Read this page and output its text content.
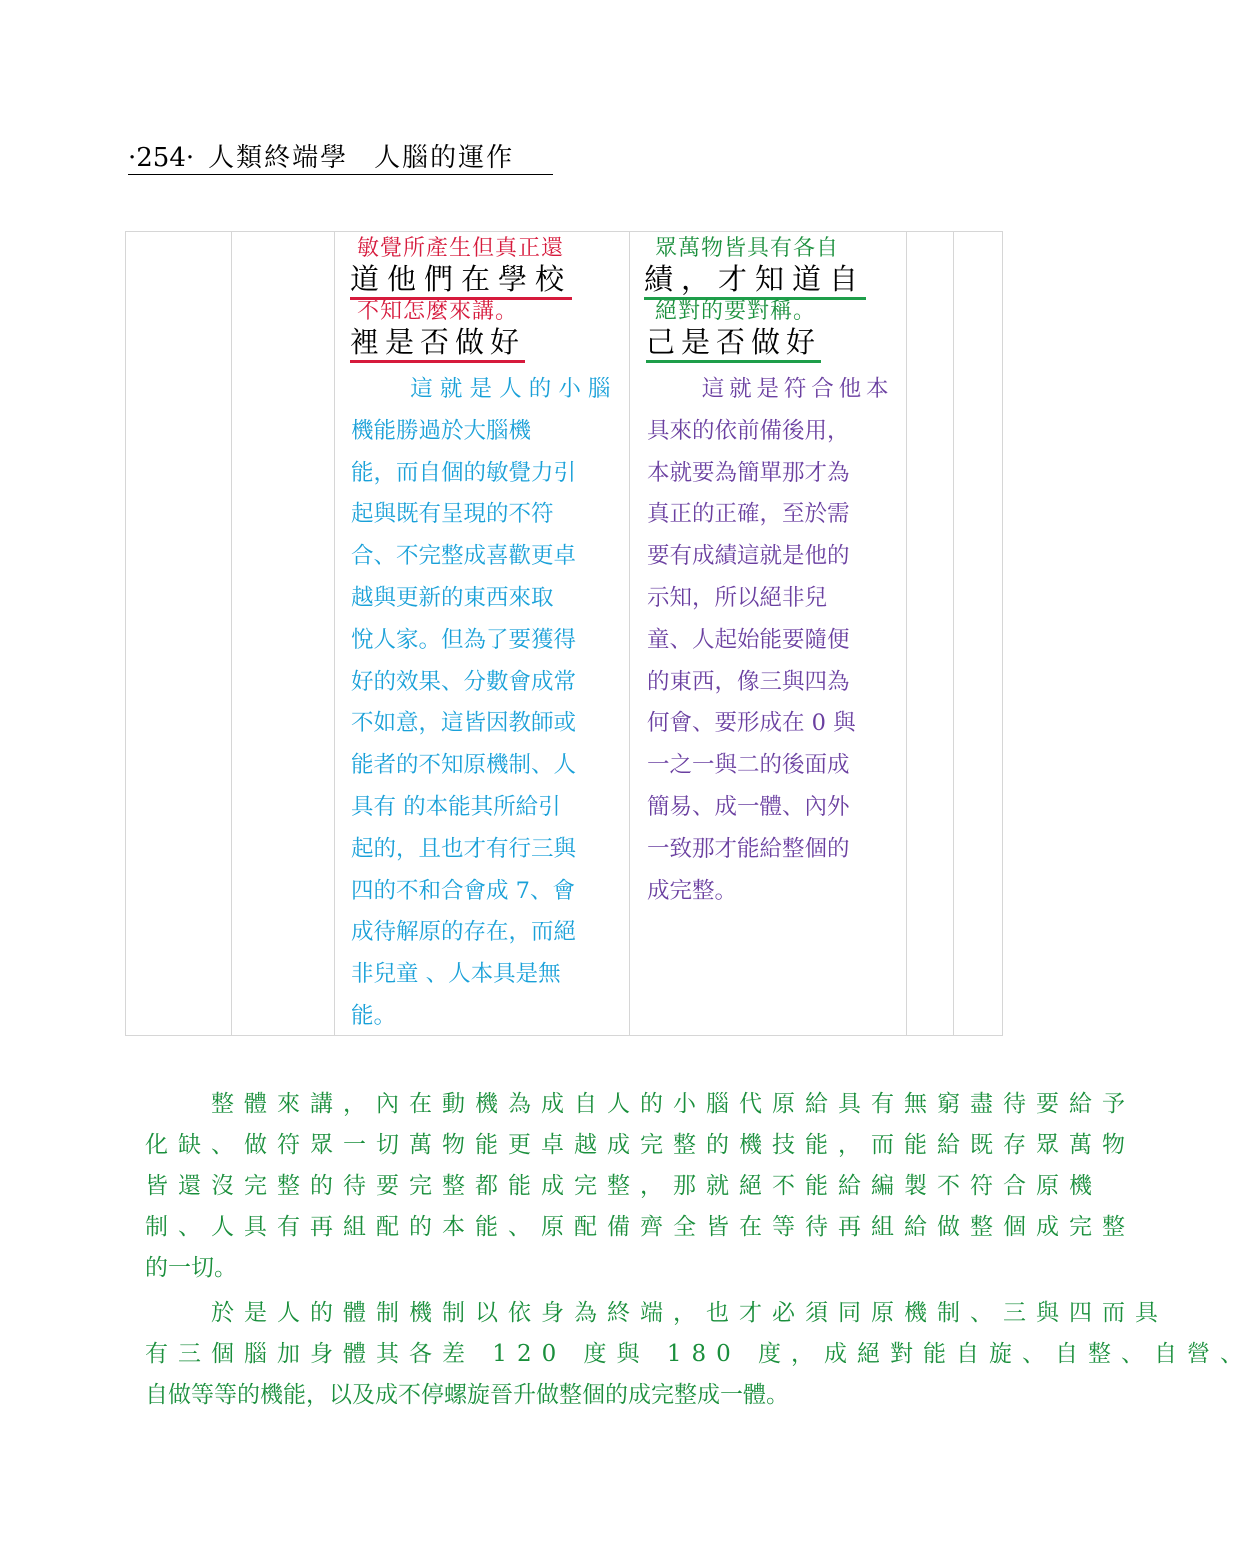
·254· 人類終端學 人腦的運作
敏覺所產生但真正還
道他們在學校
不知怎麼來講。
裡是否做好
　　這就是人的小腦
機能勝過於大腦機
能，而自個的敏覺力引
起與既有呈現的不符
合、不完整成喜歡更卓
越與更新的東西來取
悅人家。但為了要獲得
好的效果、分數會成常
不如意，這皆因教師或
能者的不知原機制、人
具有 的本能其所給引
起的，且也才有行三與
四的不和合會成 7、會
成待解原的存在，而絕
非兒童 、人本具是無
能。
眾萬物皆具有各自
績，才知道自
絕對的要對稱。
己是否做好
　　這就是符合他本
具來的依前備後用，
本就要為簡單那才為
真正的正確，至於需
要有成績這就是他的
示知，所以絕非兒
童、人起始能要隨便
的東西，像三與四為
何會、要形成在 0 與
一之一與二的後面成
簡易、成一體、內外
一致那才能給整個的
成完整。
　　整體來講，內在動機為成自人的小腦代原給具有無窮盡待要給予
化缺、做符眾一切萬物能更卓越成完整的機技能，而能給既存眾萬物
皆還沒完整的待要完整都能成完整，那就絕不能給編製不符合原機
制、人具有再組配的本能、原配備齊全皆在等待再組給做整個成完整
的一切。
　　於是人的體制機制以依身為終端，也才必須同原機制、三與四而具
有三個腦加身體其各差 120 度與 180 度，成絕對能自旋、自整、自營、
自做等等的機能，以及成不停螺旋晉升做整個的成完整成一體。
